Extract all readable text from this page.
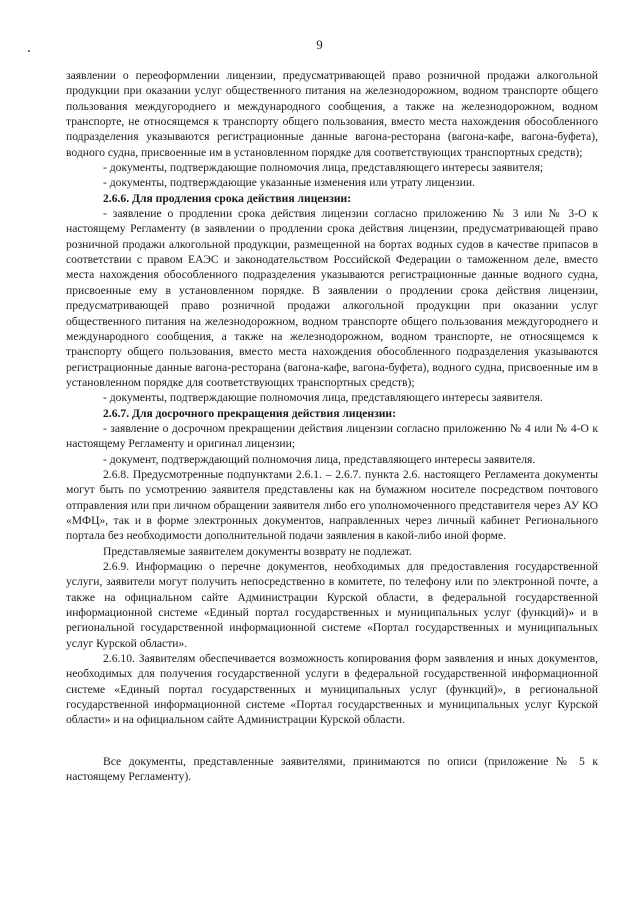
9

заявлении о переоформлении лицензии, предусматривающей право розничной продажи алкогольной продукции при оказании услуг общественного питания на железнодорожном, водном транспорте общего пользования междугороднего и международного сообщения, а также на железнодорожном, водном транспорте, не относящемся к транспорту общего пользования, вместо места нахождения обособленного подразделения указываются регистрационные данные вагона-ресторана (вагона-кафе, вагона-буфета), водного судна, присвоенные им в установленном порядке для соответствующих транспортных средств);

- документы, подтверждающие полномочия лица, представляющего интересы заявителя;

- документы, подтверждающие указанные изменения или утрату лицензии.

2.6.6. Для продления срока действия лицензии:

- заявление о продлении срока действия лицензии согласно приложению № 3 или № 3-О к настоящему Регламенту (в заявлении о продлении срока действия лицензии, предусматривающей право розничной продажи алкогольной продукции, размещенной на бортах водных судов в качестве припасов в соответствии с правом ЕАЭС и законодательством Российской Федерации о таможенном деле, вместо места нахождения обособленного подразделения указываются регистрационные данные водного судна, присвоенные ему в установленном порядке. В заявлении о продлении срока действия лицензии, предусматривающей право розничной продажи алкогольной продукции при оказании услуг общественного питания на железнодорожном, водном транспорте общего пользования междугороднего и международного сообщения, а также на железнодорожном, водном транспорте, не относящемся к транспорту общего пользования, вместо места нахождения обособленного подразделения указываются регистрационные данные вагона-ресторана (вагона-кафе, вагона-буфета), водного судна, присвоенные им в установленном порядке для соответствующих транспортных средств);

- документы, подтверждающие полномочия лица, представляющего интересы заявителя.

2.6.7. Для досрочного прекращения действия лицензии:

- заявление о досрочном прекращении действия лицензии согласно приложению № 4 или № 4-О к настоящему Регламенту и оригинал лицензии;

- документ, подтверждающий полномочия лица, представляющего интересы заявителя.

2.6.8. Предусмотренные подпунктами 2.6.1. – 2.6.7. пункта 2.6. настоящего Регламента документы могут быть по усмотрению заявителя представлены как на бумажном носителе посредством почтового отправления или при личном обращении заявителя либо его уполномоченного представителя через АУ КО «МФЦ», так и в форме электронных документов, направленных через личный кабинет Регионального портала без необходимости дополнительной подачи заявления в какой-либо иной форме.

Представляемые заявителем документы возврату не подлежат.

2.6.9. Информацию о перечне документов, необходимых для предоставления государственной услуги, заявители могут получить непосредственно в комитете, по телефону или по электронной почте, а также на официальном сайте Администрации Курской области, в федеральной государственной информационной системе «Единый портал государственных и муниципальных услуг (функций)» и в региональной государственной информационной системе «Портал государственных и муниципальных услуг Курской области».

2.6.10. Заявителям обеспечивается возможность копирования форм заявления и иных документов, необходимых для получения государственной услуги в федеральной государственной информационной системе «Единый портал государственных и муниципальных услуг (функций)», в региональной государственной информационной системе «Портал государственных и муниципальных услуг Курской области» и на официальном сайте Администрации Курской области.

Все документы, представленные заявителями, принимаются по описи (приложение № 5 к настоящему Регламенту).
